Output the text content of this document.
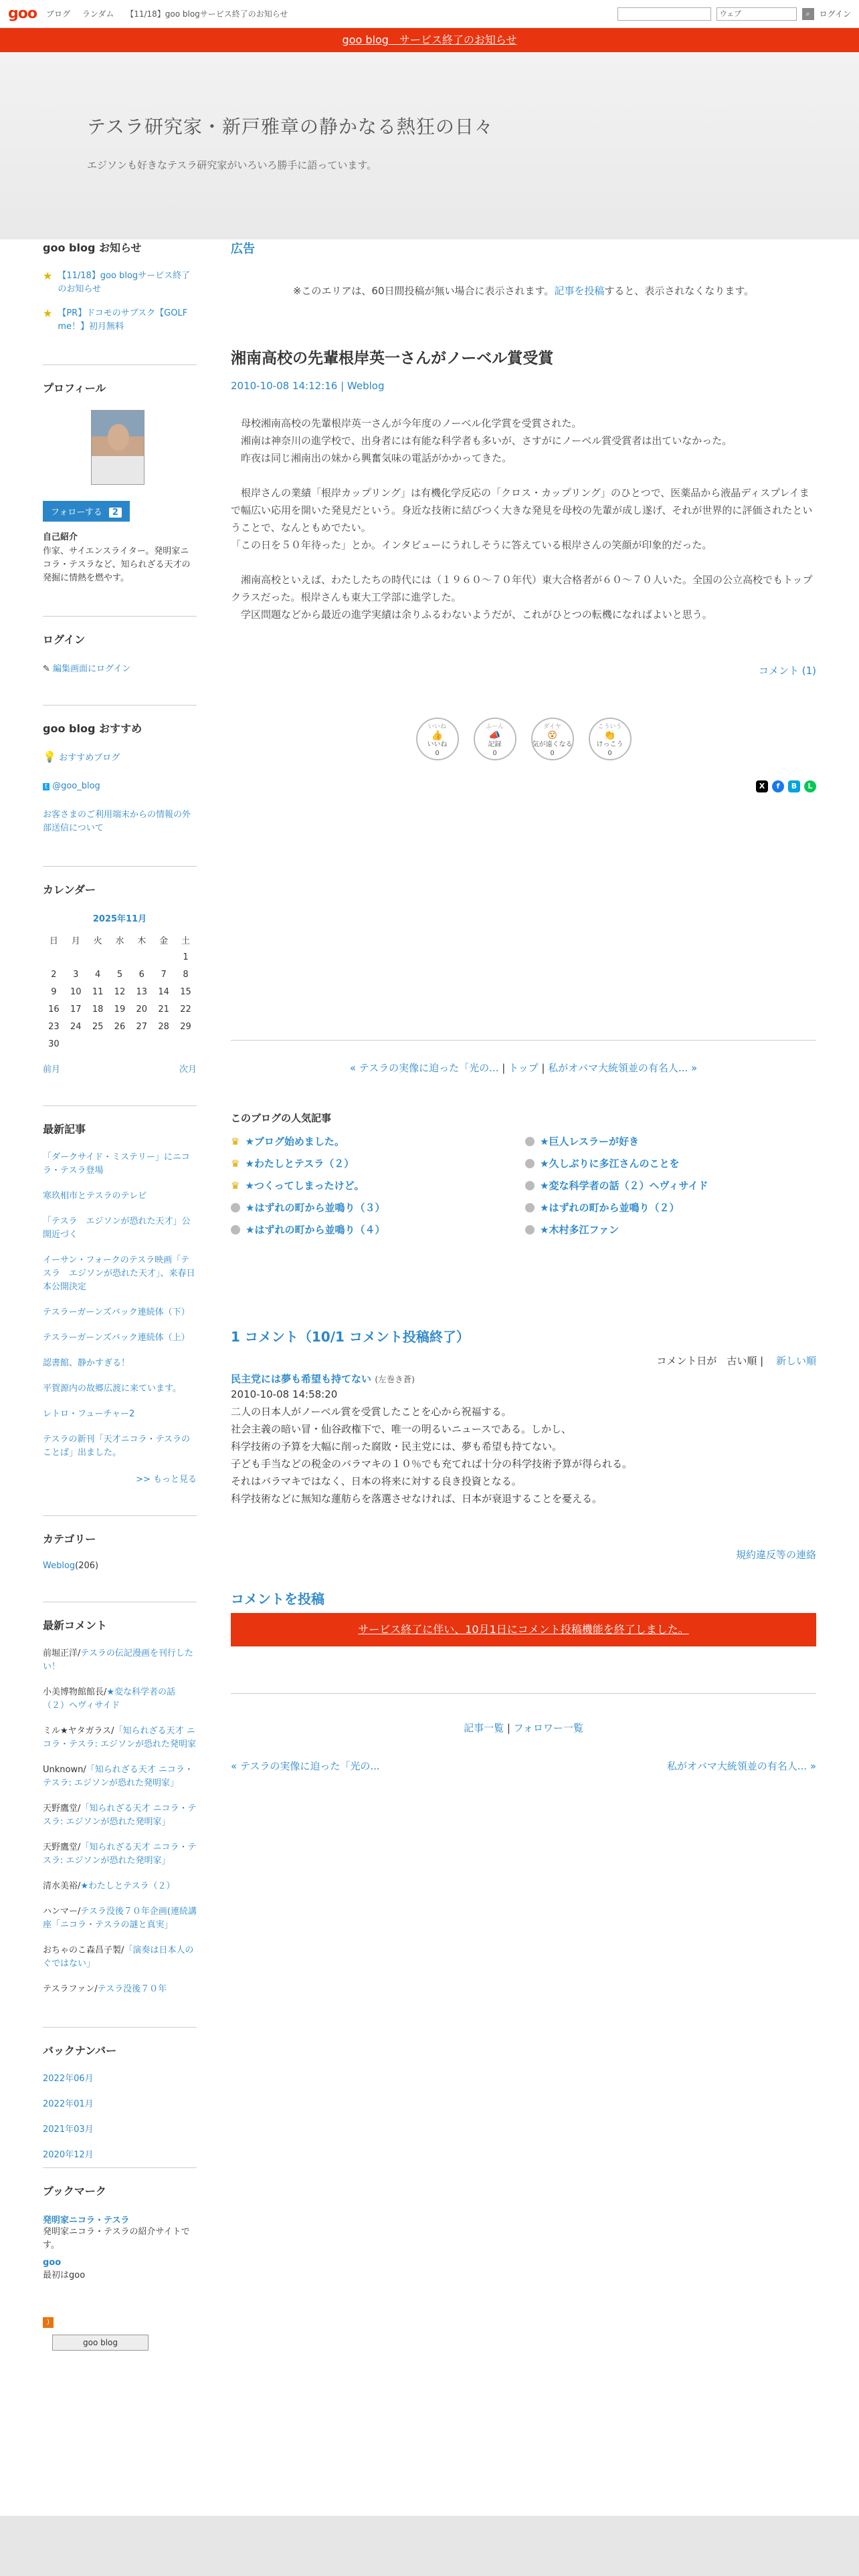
goo ブログ ランダム 【11/18】goo blogサービス終了のお知らせ	ウェブ	⌕	ログイン
goo blog　サービス終了のお知らせ
テスラ研究家・新戸雅章の静かなる熱狂の日々

エジソンも好きなテスラ研究家がいろいろ勝手に語っています。

goo blog お知らせ
★ 【11/18】goo blogサービス終了のお知らせ
★ 【PR】ドコモのサブスク【GOLF me！】初月無料
プロフィール
フォローする 2
自己紹介
作家、サイエンスライター。発明家ニコラ・テスラなど、知られざる天才の発掘に情熱を燃やす。
ログイン
✎ 編集画面にログイン
goo blog おすすめ
💡 おすすめブログ
t @goo_blog
お客さまのご利用端末からの情報の外部送信について
カレンダー
2025年11月
日	月	火	水	木	金	土
						1
2	3	4	5	6	7	8
9	10	11	12	13	14	15
16	17	18	19	20	21	22
23	24	25	26	27	28	29
30						
前月	次月
最新記事
「ダークサイド・ミステリー」にニコラ・テスラ登場
寒玖相市とテスラのテレビ
「テスラ　エジソンが恐れた天才」公開近づく
イーサン・フォークのテスラ映画「テスラ　エジソンが恐れた天才」、来春日本公開決定
テスラーガーンズバック連続体（下）
テスラーガーンズバック連続体（上）
認書館、静かすぎる！
平賀源内の故郷広渡に来ています。
レトロ・フューチャー2
テスラの新刊「天才ニコラ・テスラのことば」出ました。
>> もっと見る
カテゴリー
Weblog(206)
最新コメント
前堀正洋/テスラの伝記漫画を刊行したい！
小美博物館館長/★変な科学者の話（２）ヘヴィサイド
ミル★ヤタガラス/「知られざる天才 ニコラ・テスラ: エジソンが恐れた発明家
Unknown/「知られざる天才 ニコラ・テスラ: エジソンが恐れた発明家」
天野鷹堂/「知られざる天才 ニコラ・テスラ: エジソンが恐れた発明家」
天野鷹堂/「知られざる天才 ニコラ・テスラ: エジソンが恐れた発明家」
清水美裕/★わたしとテスラ（２）
ハンマー/テスラ没後７０年企画(連続講座「ニコラ・テスラの謎と真実」
おちゃのこ森昌子製/「演奏は日本人のぐではない」
テスラファン/テスラ没後７０年
バックナンバー
2022年06月
2022年01月
2021年03月
2020年12月
ブックマーク
発明家ニコラ・テスラ
発明家ニコラ・テスラの紹介サイトです。
goo
最初はgoo
)
goo blog
広告
※このエリアは、60日間投稿が無い場合に表示されます。記事を投稿すると、表示されなくなります。
湘南高校の先輩根岸英一さんがノーベル賞受賞
2010-10-08 14:12:16 | Weblog

　母校湘南高校の先輩根岸英一さんが今年度のノーベル化学賞を受賞された。

　湘南は神奈川の進学校で、出身者には有能な科学者も多いが、さすがにノーベル賞受賞者は出ていなかった。

　昨夜は同じ湘南出の妹から興奮気味の電話がかかってきた。

　根岸さんの業績「根岸カップリング」は有機化学反応の「クロス・カップリング」のひとつで、医薬品から液晶ディスプレイまで幅広い応用を開いた発見だという。身近な技術に結びつく大きな発見を母校の先輩が成し遂げ、それが世界的に評価されたということで、なんともめでたい。

「この日を５０年待った」とか。インタビューにうれしそうに答えている根岸さんの笑顔が印象的だった。

　湘南高校といえば、わたしたちの時代には（１９６０〜７０年代）東大合格者が６０〜７０人いた。全国の公立高校でもトップクラスだった。根岸さんも東大工学部に進学した。

　学区問題などから最近の進学実績は余りふるわないようだが、これがひとつの転機になればよいと思う。

コメント (1)
いいね
👍
いいね
0
ふーん
📣
記録
0
ダイヤ
😵
気が遠くなる
0
こういう
👏
けっこう
0
X	f	B	L
« テスラの実像に迫った「光の... | トップ | 私がオバマ大統領並の有名人... »
このブログの人気記事
♛ ★ブログ始めました。	★巨人レスラーが好き
♛ ★わたしとテスラ（２）	★久しぶりに多江さんのことを
♛ ★つくってしまったけど。	★変な科学者の話（２）ヘヴィサイド
★はずれの町から並鳴り（３）	★はずれの町から並鳴り（２）
★はずれの町から並鳴り（４）	★木村多江ファン
1 コメント（10/1 コメント投稿終了）
コメント日が　 古い順 | 新しい順
民主党には夢も希望も持てない (左巻き蒼)
2010-10-08 14:58:20
二人の日本人がノーベル賞を受賞したことを心から祝福する。
社会主義の暗い冒・仙谷政権下で、唯一の明るいニュースである。しかし、
科学技術の予算を大幅に削った腐敗・民主党には、夢も希望も持てない。
子ども手当などの税金のバラマキの１０％でも充てれば十分の科学技術予算が得られる。
それはバラマキではなく、日本の将来に対する良き投資となる。
科学技術などに無知な蓮舫らを落選させなければ、日本が衰退することを憂える。
規約違反等の連絡
コメントを投稿
サービス終了に伴い、10月1日にコメント投稿機能を終了しました。
記事一覧 | フォロワー一覧
« テスラの実像に迫った「光の...	私がオバマ大統領並の有名人... »
